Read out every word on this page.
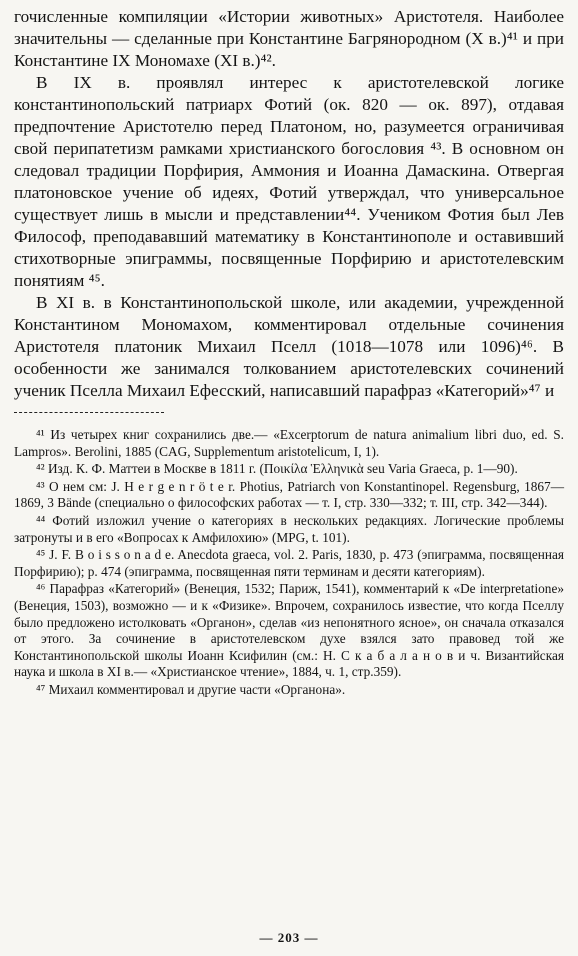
гочисленные компиляции «Истории животных» Аристотеля. Наиболее значительны — сделанные при Константине Багрянородном (X в.)⁴¹ и при Константине IX Мономахе (XI в.)⁴².

В IX в. проявлял интерес к аристотелевской логике константинопольский патриарх Фотий (ок. 820 — ок. 897), отдавая предпочтение Аристотелю перед Платоном, но, разумеется ограничивая свой перипатетизм рамками христианского богословия ⁴³. В основном он следовал традиции Порфирия, Аммония и Иоанна Дамаскина. Отвергая платоновское учение об идеях, Фотий утверждал, что универсальное существует лишь в мысли и представлении⁴⁴. Учеником Фотия был Лев Философ, преподававший математику в Константинополе и оставивший стихотворные эпиграммы, посвященные Порфирию и аристотелевским понятиям ⁴⁵.

В XI в. в Константинопольской школе, или академии, учрежденной Константином Мономахом, комментировал отдельные сочинения Аристотеля платоник Михаил Пселл (1018—1078 или 1096)⁴⁶. В особенности же занимался толкованием аристотелевских сочинений ученик Пселла Михаил Ефесский, написавший парафраз «Категорий»⁴⁷ и

⁴¹ Из четырех книг сохранились две.— «Excerptorum de natura animalium libri duo, ed. S. Lampros». Berolini, 1885 (CAG, Supplementum aristotelicum, I, 1).

⁴² Изд. К. Ф. Маттеи в Москве в 1811 г. (Ποικίλα Ἑλληνικὰ seu Varia Graeca, p. 1—90).

⁴³ О нем см: J. H e r g e n r ö t e r. Photius, Patriarch von Konstantinopel. Regensburg, 1867—1869, 3 Bände (специально о философских работах — т. I, стр. 330—332; т. III, стр. 342—344).

⁴⁴ Фотий изложил учение о категориях в нескольких редакциях. Логические проблемы затронуты и в его «Вопросах к Амфилохию» (MPG, t. 101).

⁴⁵ J. F. B o i s s o n a d e. Anecdota graeca, vol. 2. Paris, 1830, p. 473 (эпиграмма, посвященная Порфирию); p. 474 (эпиграмма, посвященная пяти терминам и десяти категориям).

⁴⁶ Парафраз «Категорий» (Венеция, 1532; Париж, 1541), комментарий к «De interpretatione» (Венеция, 1503), возможно — и к «Физике». Впрочем, сохранилось известие, что когда Пселлу было предложено истолковать «Органон», сделав «из непонятного ясное», он сначала отказался от этого. За сочинение в аристотелевском духе взялся зато правовед той же Константинопольской школы Иоанн Ксифилин (см.: Н. С к а б а л а н о в и ч. Византийская наука и школа в XI в.— «Христианское чтение», 1884, ч. 1, стр.359).

⁴⁷ Михаил комментировал и другие части «Органона».

— 203 —
